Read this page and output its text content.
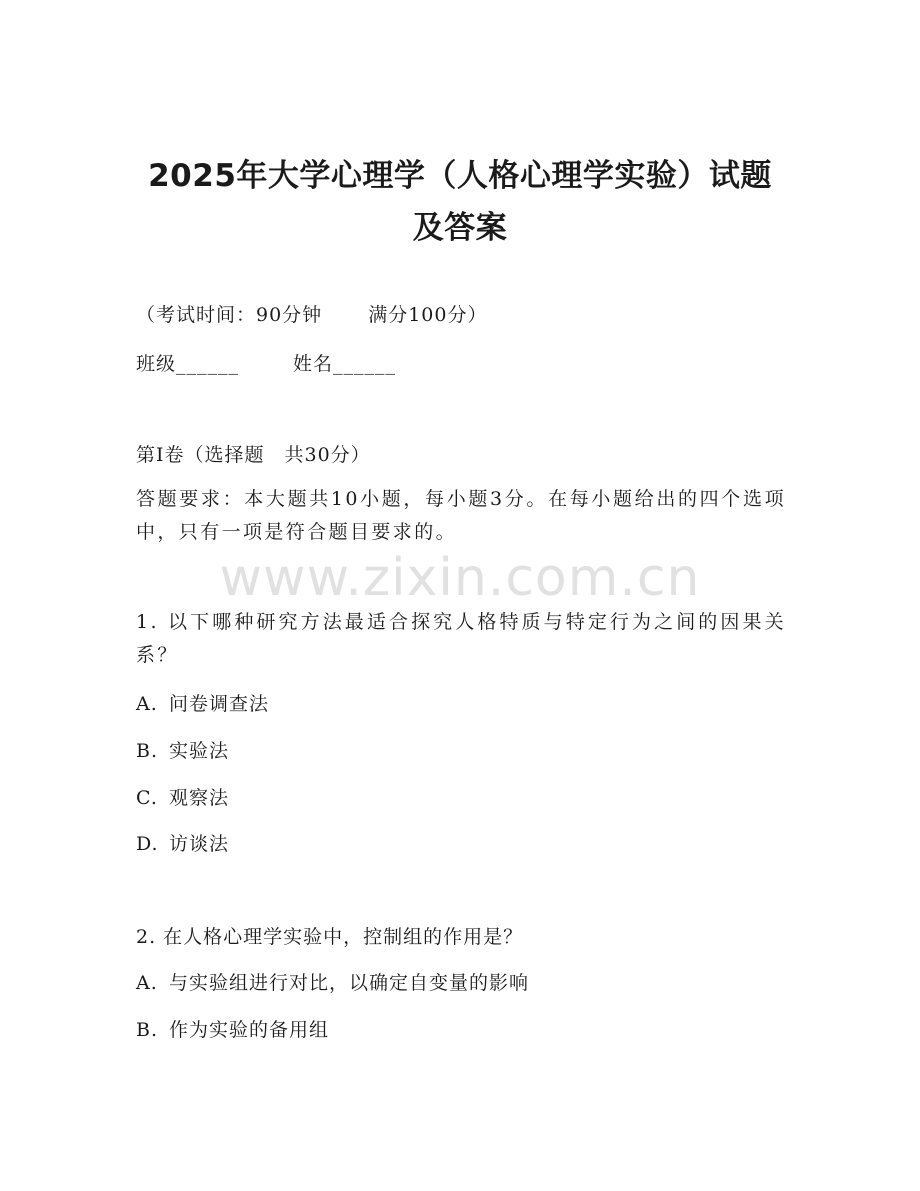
2025年大学心理学（人格心理学实验）试题
及答案
（考试时间：90分钟 满分100分）
班级______	姓名______
第I卷（选择题　共30分）
答题要求：本大题共10小题，每小题3分。在每小题给出的四个选项中，只有一项是符合题目要求的。
www.zixin.com.cn
1. 以下哪种研究方法最适合探究人格特质与特定行为之间的因果关系？
A. 问卷调查法
B. 实验法
C. 观察法
D. 访谈法
2. 在人格心理学实验中，控制组的作用是？
A. 与实验组进行对比，以确定自变量的影响
B. 作为实验的备用组
